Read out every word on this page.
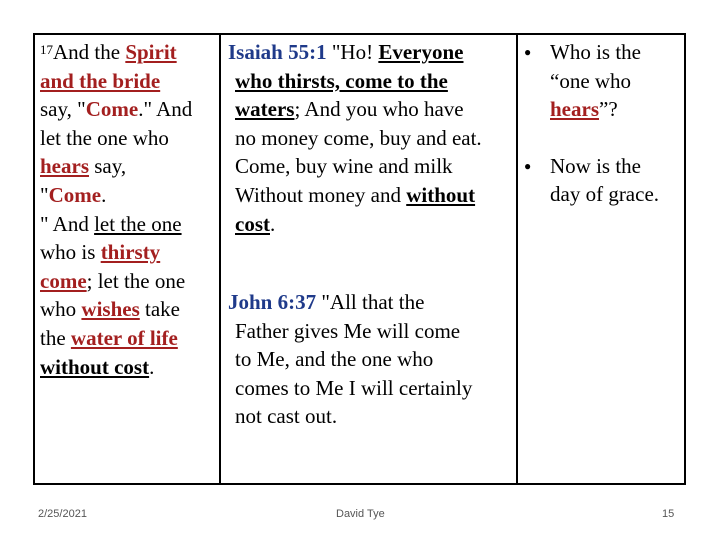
$^{17}$And the Spirit
and the bride
say, "Come." And
let the one who
hears say,
"Come.
" And let the one
who is thirsty
come; let the one
who wishes take
the water of life
without cost.
Isaiah 55:1 "Ho! Everyone

who thirsts, come to the
waters; And you who have
no money come, buy and eat.
Come, buy wine and milk
Without money and without
cost.
John 6:37 "All that the

Father gives Me will come
to Me, and the one who
comes to Me I will certainly
not cast out.
● Who is the
“one who
hears”?
● Now is the
day of grace.
2/25/2021	David Tye	15
